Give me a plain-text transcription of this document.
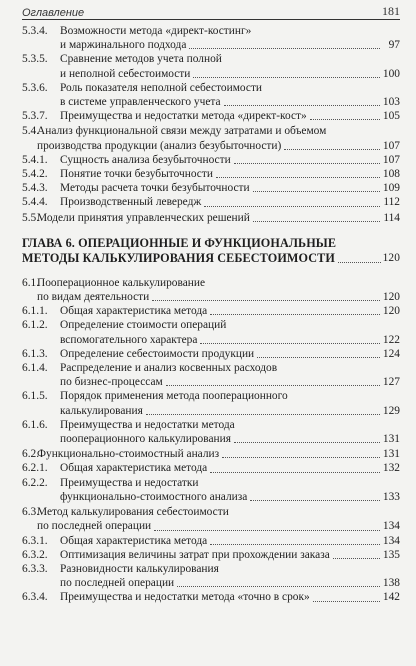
Оглавление	181
5.3.4.	Возможности метода «директ-костинг»
и маржинального подхода	97
5.3.5.	Сравнение методов учета полной
и неполной себестоимости	100
5.3.6.	Роль показателя неполной себестоимости
в системе управленческого учета	103
5.3.7. Преимущества и недостатки метода «директ-кост»	105
5.4.
Анализ функциональной связи между затратами и объемом
производства продукции (анализ безубыточности)	107
5.4.1. Сущность анализа безубыточности	107
5.4.2. Понятие точки безубыточности	108
5.4.3. Методы расчета точки безубыточности	109
5.4.4. Производственный левередж	112
5.5.
Модели принятия управленческих решений	114
ГЛАВА 6. ОПЕРАЦИОННЫЕ И ФУНКЦИОНАЛЬНЫЕ
МЕТОДЫ КАЛЬКУЛИРОВАНИЯ СЕБЕСТОИМОСТИ	120
6.1.
Пооперационное калькулирование
по видам деятельности	120
6.1.1. Общая характеристика метода	120
6.1.2.	Определение стоимости операций
вспомогательного характера	122
6.1.3. Определение себестоимости продукции	124
6.1.4.	Распределение и анализ косвенных расходов
по бизнес-процессам	127
6.1.5.	Порядок применения метода пооперационного
калькулирования	129
6.1.6.	Преимущества и недостатки метода
пооперационного калькулирования	131
6.2.
Функционально-стоимостный анализ	131
6.2.1. Общая характеристика метода	132
6.2.2.	Преимущества и недостатки
функционально-стоимостного анализа	133
6.3.
Метод калькулирования себестоимости
по последней операции	134
6.3.1. Общая характеристика метода	134
6.3.2. Оптимизация величины затрат при прохождении заказа	135
6.3.3.	Разновидности калькулирования
по последней операции	138
6.3.4. Преимущества и недостатки метода «точно в срок»	142
